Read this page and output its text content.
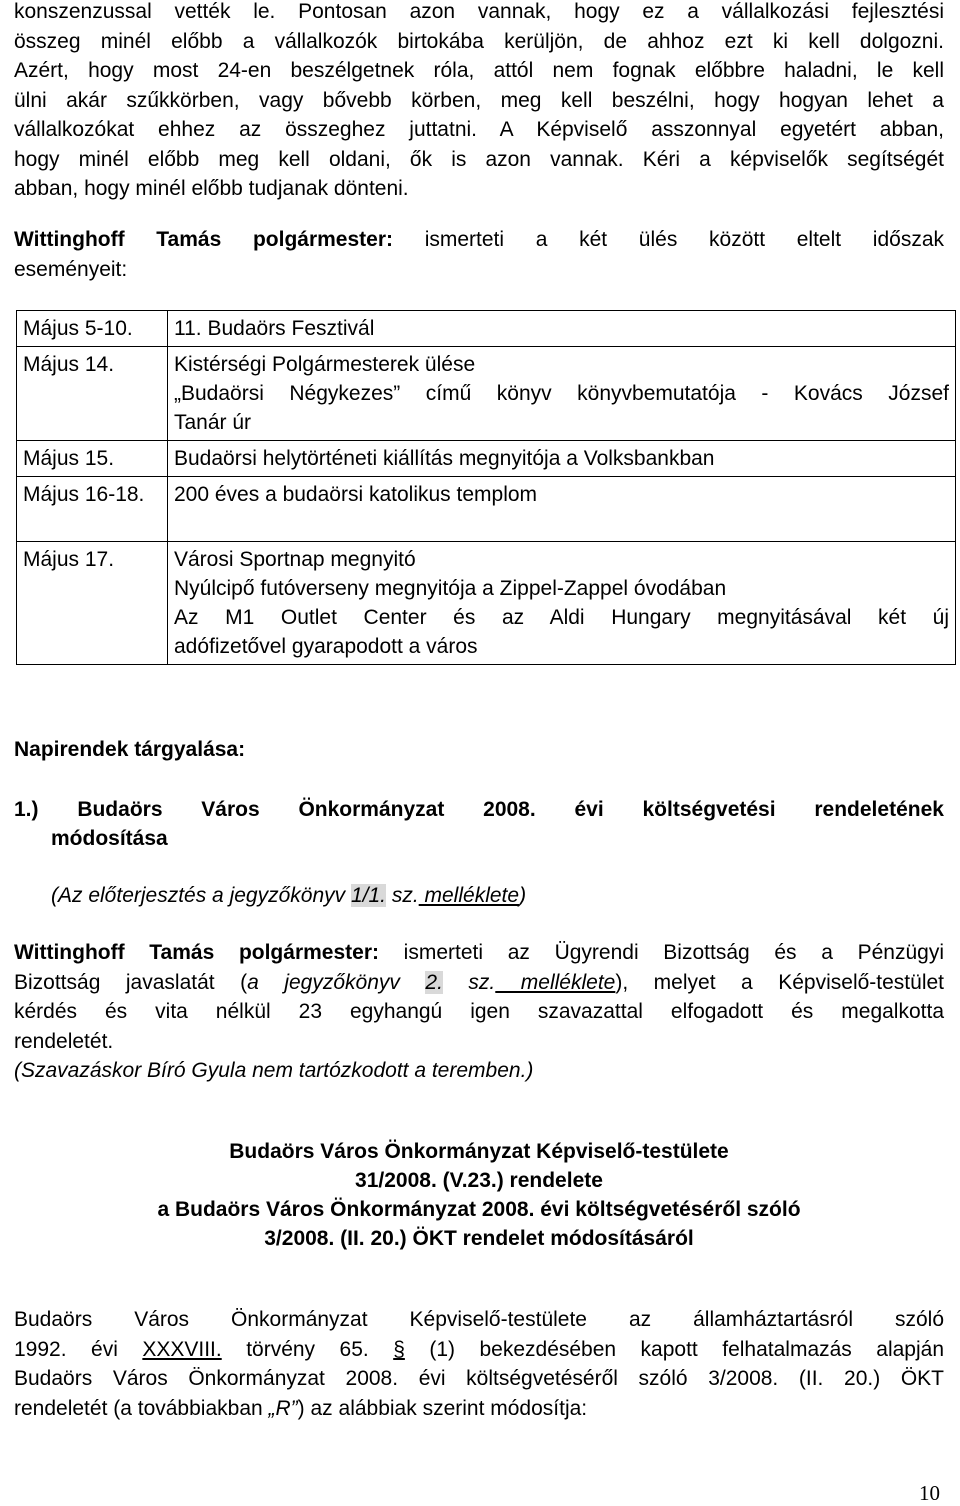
konszenzussal vették le. Pontosan azon vannak, hogy ez a vállalkozási fejlesztési
összeg minél előbb a vállalkozók birtokába kerüljön, de ahhoz ezt ki kell dolgozni.
Azért, hogy most 24-en beszélgetnek róla, attól nem fognak előbbre haladni, le kell
ülni akár szűkkörben, vagy bővebb körben, meg kell beszélni, hogy hogyan lehet a
vállalkozókat ehhez az összeghez juttatni. A Képviselő asszonnyal egyetért abban,
hogy minél előbb meg kell oldani, ők is azon vannak. Kéri a képviselők segítségét
abban, hogy minél előbb tudjanak dönteni.
Wittinghoff Tamás polgármester: ismerteti a két ülés között eltelt időszak
eseményeit:
Május 5-10.	11. Budaörs Fesztivál

Május 14.	Kistérségi Polgármesterek ülése
„Budaörsi Négykezes” című könyv könyvbemutatója - Kovács József
Tanár úr

Május 15.	Budaörsi helytörténeti kiállítás megnyitója a Volksbankban

Május 16-18.	200 éves a budaörsi katolikus templom

Május 17.	Városi Sportnap megnyitó
Nyúlcipő futóverseny megnyitója a Zippel-Zappel óvodában
Az M1 Outlet Center és az Aldi Hungary megnyitásával két új
adófizetővel gyarapodott a város
Napirendek tárgyalása:
1.) Budaörs Város Önkormányzat 2008. évi költségvetési rendeletének
módosítása
(Az előterjesztés a jegyzőkönyv 1/1. sz. melléklete)
Wittinghoff Tamás polgármester: ismerteti az Ügyrendi Bizottság és a Pénzügyi
Bizottság javaslatát (a jegyzőkönyv 2. sz. melléklete), melyet a Képviselő-testület
kérdés és vita nélkül 23 egyhangú igen szavazattal elfogadott és megalkotta
rendeletét.
(Szavazáskor Bíró Gyula nem tartózkodott a teremben.)
Budaörs Város Önkormányzat Képviselő-testülete
31/2008. (V.23.) rendelete
a Budaörs Város Önkormányzat 2008. évi költségvetéséről szóló
3/2008. (II. 20.) ÖKT rendelet módosításáról
Budaörs Város Önkormányzat Képviselő-testülete az államháztartásról szóló
1992. évi XXXVIII. törvény 65. § (1) bekezdésében kapott felhatalmazás alapján
Budaörs Város Önkormányzat 2008. évi költségvetéséről szóló 3/2008. (II. 20.) ÖKT
rendeletét (a továbbiakban „R”) az alábbiak szerint módosítja:
10
